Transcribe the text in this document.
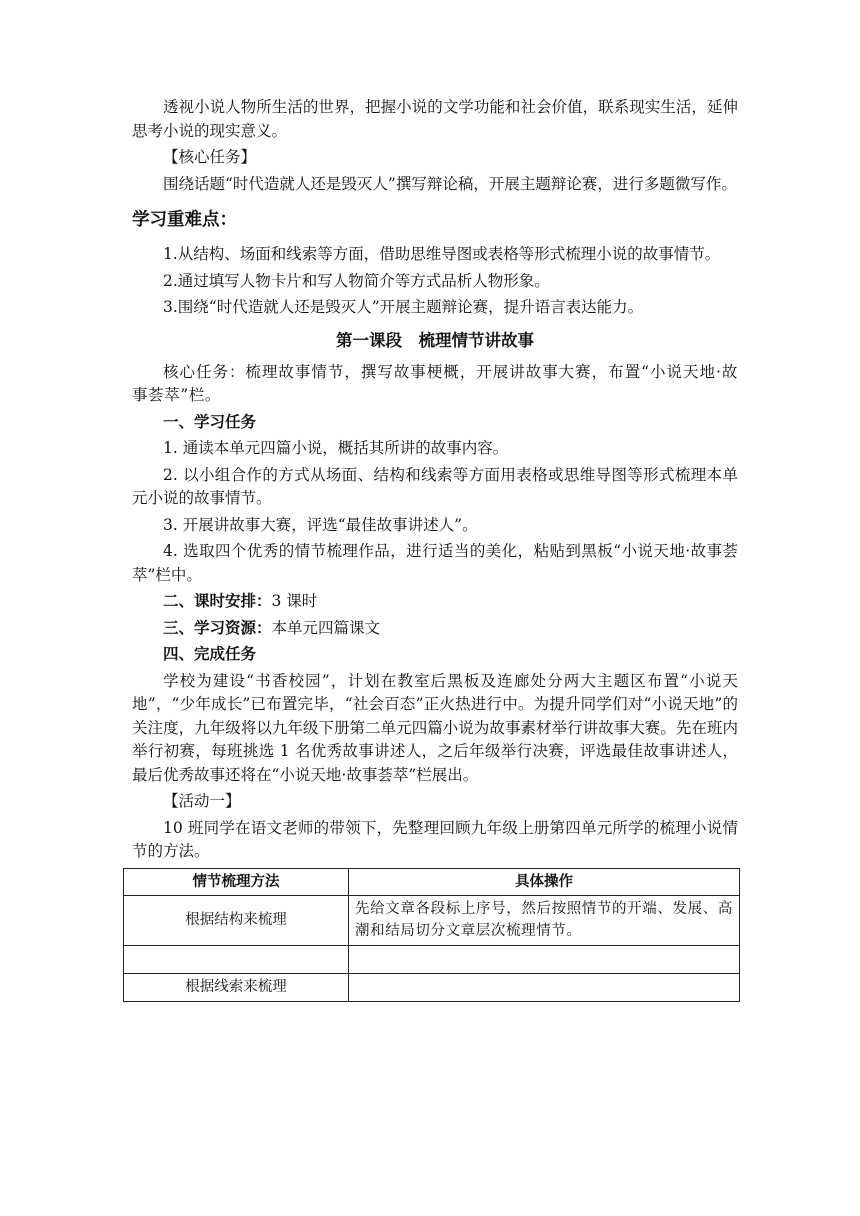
透视小说人物所生活的世界，把握小说的文学功能和社会价值，联系现实生活，延伸思考小说的现实意义。

【核心任务】

围绕话题“时代造就人还是毁灭人”撰写辩论稿，开展主题辩论赛，进行多题微写作。

学习重难点：

1.从结构、场面和线索等方面，借助思维导图或表格等形式梳理小说的故事情节。

2.通过填写人物卡片和写人物简介等方式品析人物形象。

3.围绕“时代造就人还是毁灭人”开展主题辩论赛，提升语言表达能力。

第一课段　梳理情节讲故事

核心任务：梳理故事情节，撰写故事梗概，开展讲故事大赛，布置“小说天地·故事荟萃”栏。

一、学习任务

1. 通读本单元四篇小说，概括其所讲的故事内容。

2. 以小组合作的方式从场面、结构和线索等方面用表格或思维导图等形式梳理本单元小说的故事情节。

3. 开展讲故事大赛，评选“最佳故事讲述人”。

4. 选取四个优秀的情节梳理作品，进行适当的美化，粘贴到黑板“小说天地·故事荟萃”栏中。

二、课时安排：3 课时

三、学习资源：本单元四篇课文

四、完成任务

学校为建设“书香校园”，计划在教室后黑板及连廊处分两大主题区布置“小说天地”，“少年成长”已布置完毕，“社会百态”正火热进行中。为提升同学们对“小说天地”的关注度，九年级将以九年级下册第二单元四篇小说为故事素材举行讲故事大赛。先在班内举行初赛，每班挑选 1 名优秀故事讲述人，之后年级举行决赛，评选最佳故事讲述人，最后优秀故事还将在“小说天地·故事荟萃”栏展出。

【活动一】

10 班同学在语文老师的带领下，先整理回顾九年级上册第四单元所学的梳理小说情节的方法。

情节梳理方法	具体操作
根据结构来梳理	先给文章各段标上序号，然后按照情节的开端、发展、高潮和结局切分文章层次梳理情节。

根据线索来梳理	
